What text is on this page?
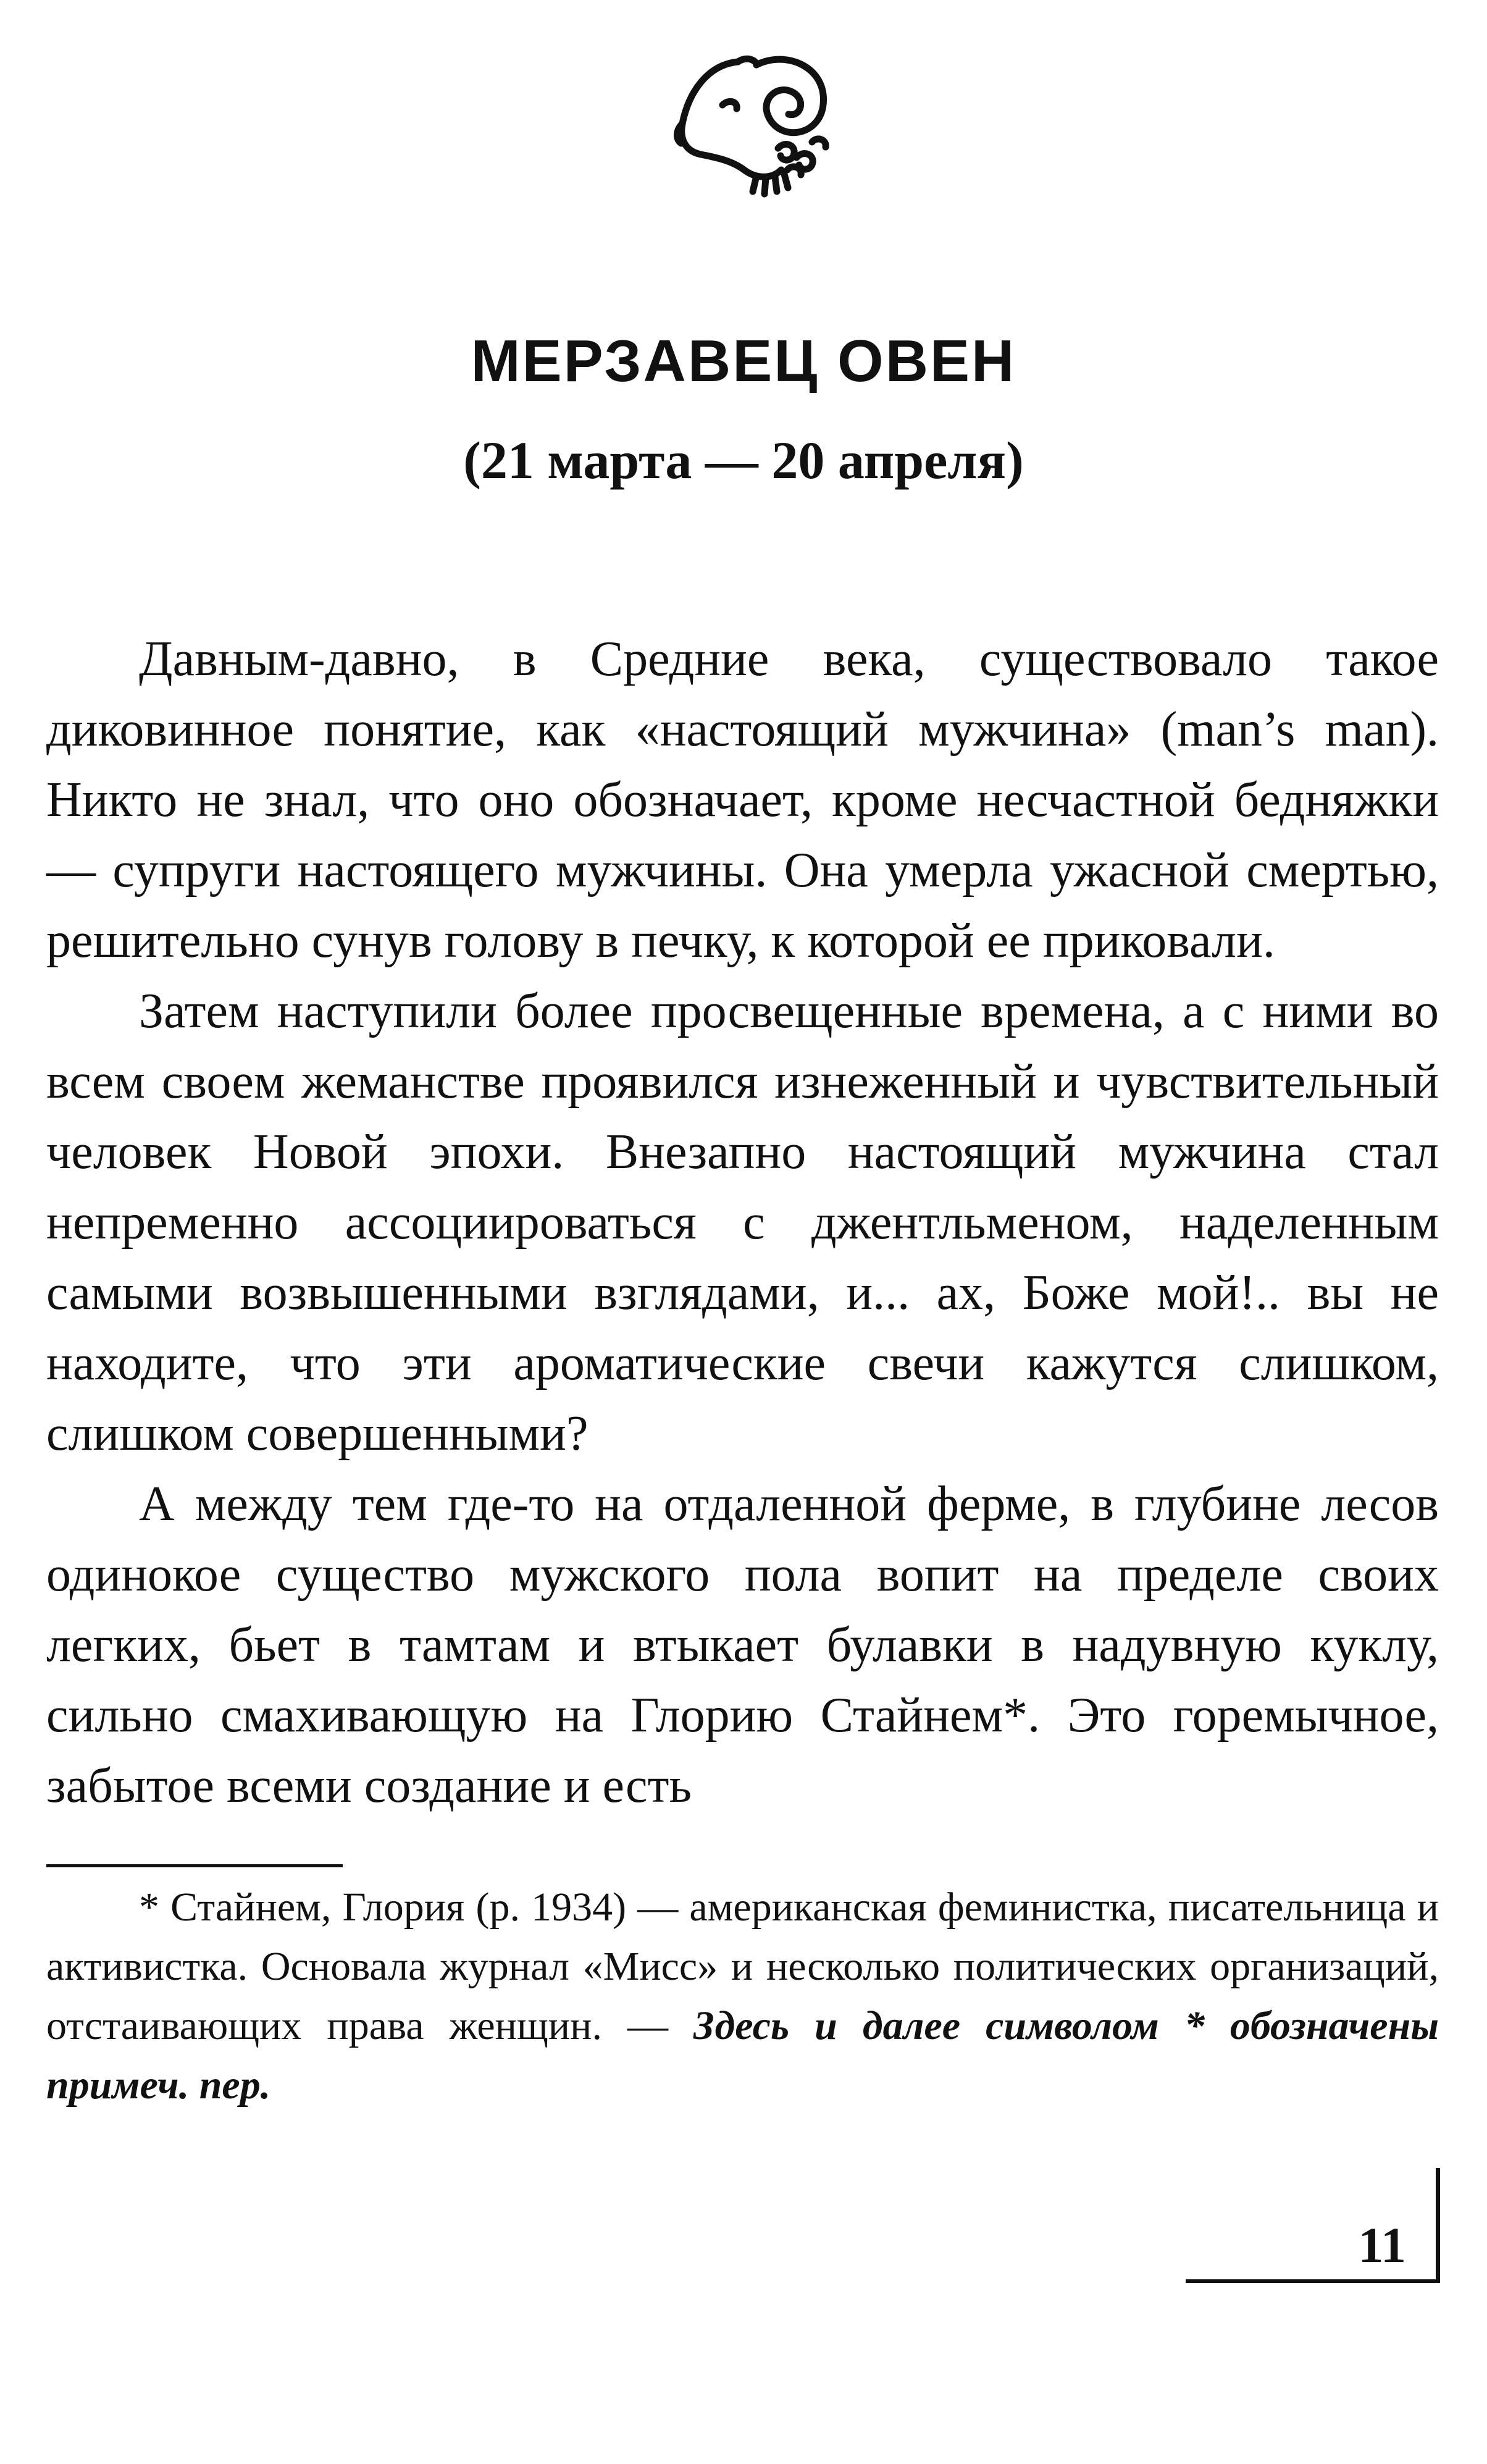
МЕРЗАВЕЦ ОВЕН
(21 марта — 20 апреля)

Давным-давно, в Средние века, существовало такое диковинное понятие, как «настоящий мужчина» (man’s man). Никто не знал, что оно обозначает, кроме несчастной бедняжки — супруги настоящего мужчины. Она умерла ужасной смертью, решительно сунув голову в печку, к которой ее приковали.

Затем наступили более просвещенные времена, а с ними во всем своем жеманстве проявился изнеженный и чувствительный человек Новой эпохи. Внезапно настоящий мужчина стал непременно ассоциироваться с джентльменом, наделенным самыми возвышенными взглядами, и... ах, Боже мой!.. вы не находите, что эти ароматические свечи кажутся слишком, слишком совершенными?

А между тем где-то на отдаленной ферме, в глубине лесов одинокое существо мужского пола вопит на пределе своих легких, бьет в тамтам и втыкает булавки в надувную куклу, сильно смахивающую на Глорию Стайнем*. Это горемычное, забытое всеми создание и есть

* Стайнем, Глория (р. 1934) — американская феминистка, писательница и активистка. Основала журнал «Мисс» и несколько политических организаций, отстаивающих права женщин. — Здесь и далее символом * обозначены примеч. пер.

11
